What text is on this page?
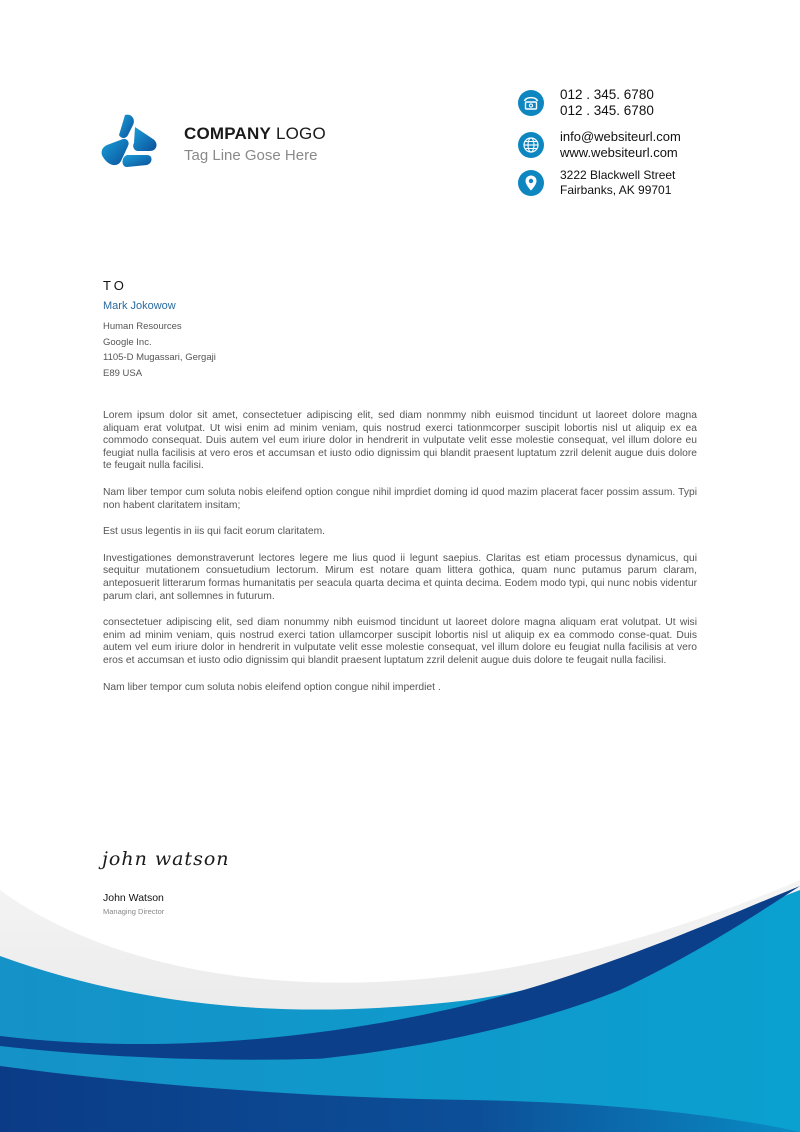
COMPANY LOGO
Tag Line Gose Here
012 . 345. 6780
012 . 345. 6780
info@websiteurl.com
www.websiteurl.com
3222 Blackwell Street
Fairbanks, AK 99701
TO
Mark Jokowow
Human Resources
Google Inc.
1105-D Mugassari, Gergaji
E89 USA

Lorem ipsum dolor sit amet, consectetuer adipiscing elit, sed diam nonmmy nibh euismod tincidunt ut laoreet dolore magna aliquam erat volutpat. Ut wisi enim ad minim veniam, quis nostrud exerci tationmcorper suscipit lobortis nisl ut aliquip ex ea commodo consequat. Duis autem vel eum iriure dolor in hendrerit in vulputate velit esse molestie consequat, vel illum dolore eu feugiat nulla facilisis at vero eros et accumsan et iusto odio dignissim qui blandit praesent luptatum zzril delenit augue duis dolore te feugait nulla facilisi.

Nam liber tempor cum soluta nobis eleifend option congue nihil imprdiet doming id quod mazim placerat facer possim assum. Typi non habent claritatem insitam;

Est usus legentis in iis qui facit eorum claritatem.

Investigationes demonstraverunt lectores legere me lius quod ii legunt saepius. Claritas est etiam processus dynamicus, qui sequitur mutationem consuetudium lectorum. Mirum est notare quam littera gothica, quam nunc putamus parum claram, anteposuerit litterarum formas humanitatis per seacula quarta decima et quinta decima. Eodem modo typi, qui nunc nobis videntur parum clari, ant sollemnes in futurum.

consectetuer adipiscing elit, sed diam nonummy nibh euismod tincidunt ut laoreet dolore magna aliquam erat volutpat. Ut wisi enim ad minim veniam, quis nostrud exerci tation ullamcorper suscipit lobortis nisl ut aliquip ex ea commodo conse-quat. Duis autem vel eum iriure dolor in hendrerit in vulputate velit esse molestie consequat, vel illum dolore eu feugiat nulla facilisis at vero eros et accumsan et iusto odio dignissim qui blandit praesent luptatum zzril delenit augue duis dolore te feugait nulla facilisi.

Nam liber tempor cum soluta nobis eleifend option congue nihil imperdiet .

john watson
John Watson
Managing Director
